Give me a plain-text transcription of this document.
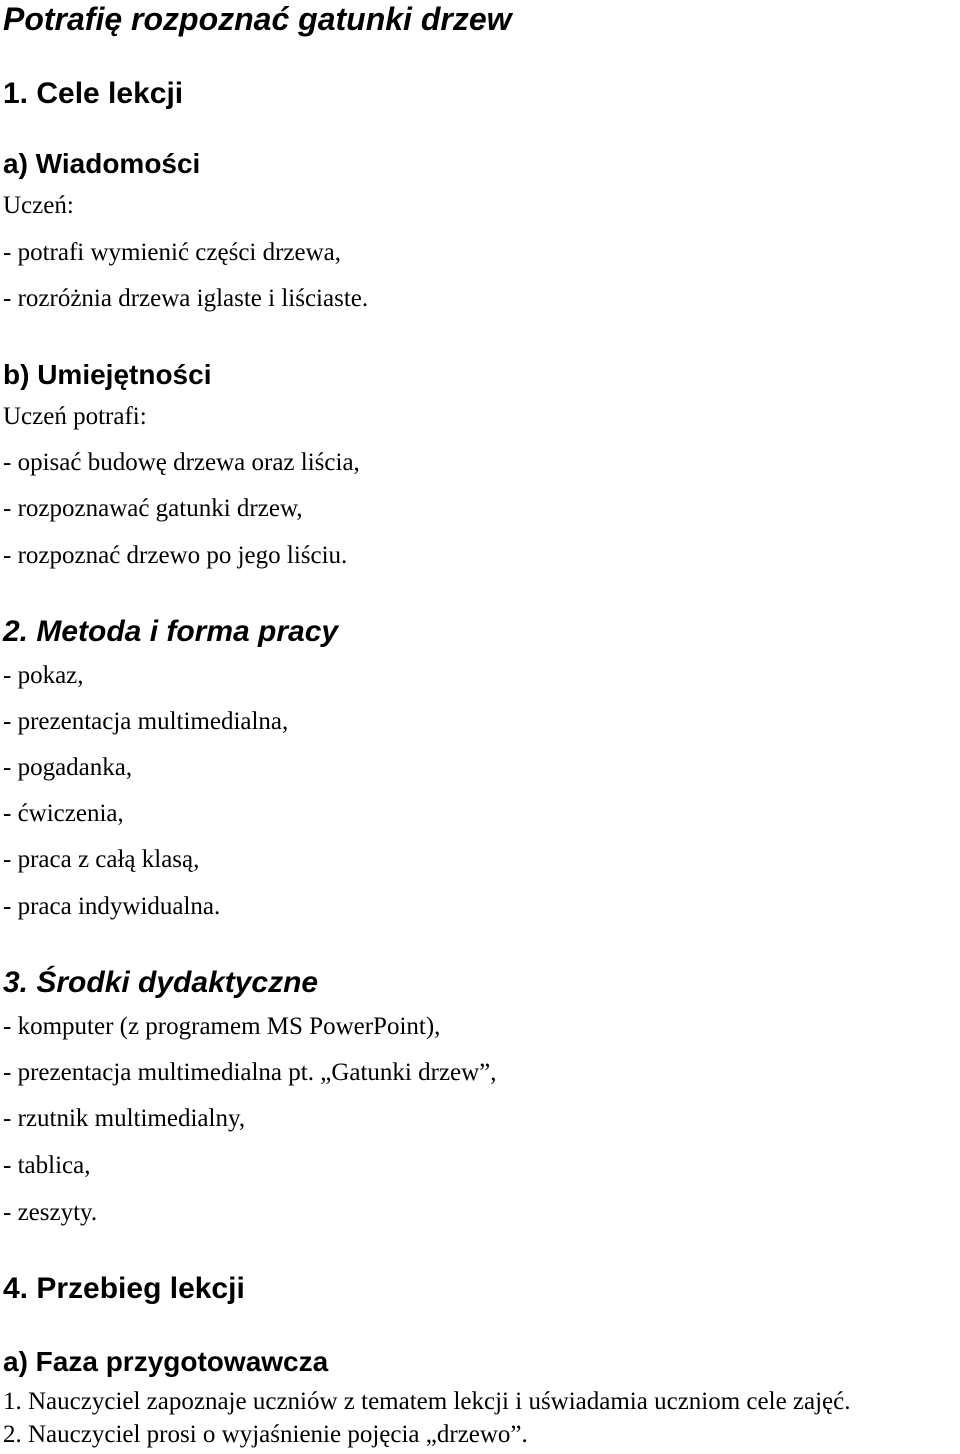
Potrafię rozpoznać gatunki drzew
1. Cele lekcji
a) Wiadomości
Uczeń:
- potrafi wymienić części drzewa,
- rozróżnia drzewa iglaste i liściaste.
b) Umiejętności
Uczeń potrafi:
- opisać budowę drzewa oraz liścia,
- rozpoznawać gatunki drzew,
- rozpoznać drzewo po jego liściu.
2. Metoda i forma pracy
- pokaz,
- prezentacja multimedialna,
- pogadanka,
- ćwiczenia,
- praca z całą klasą,
- praca indywidualna.
3. Środki dydaktyczne
- komputer (z programem MS PowerPoint),
- prezentacja multimedialna pt. „Gatunki drzew”,
- rzutnik multimedialny,
- tablica,
- zeszyty.
4. Przebieg lekcji
a) Faza przygotowawcza
1. Nauczyciel zapoznaje uczniów z tematem lekcji i uświadamia uczniom cele zajęć.
2. Nauczyciel prosi o wyjaśnienie pojęcia „drzewo”.
